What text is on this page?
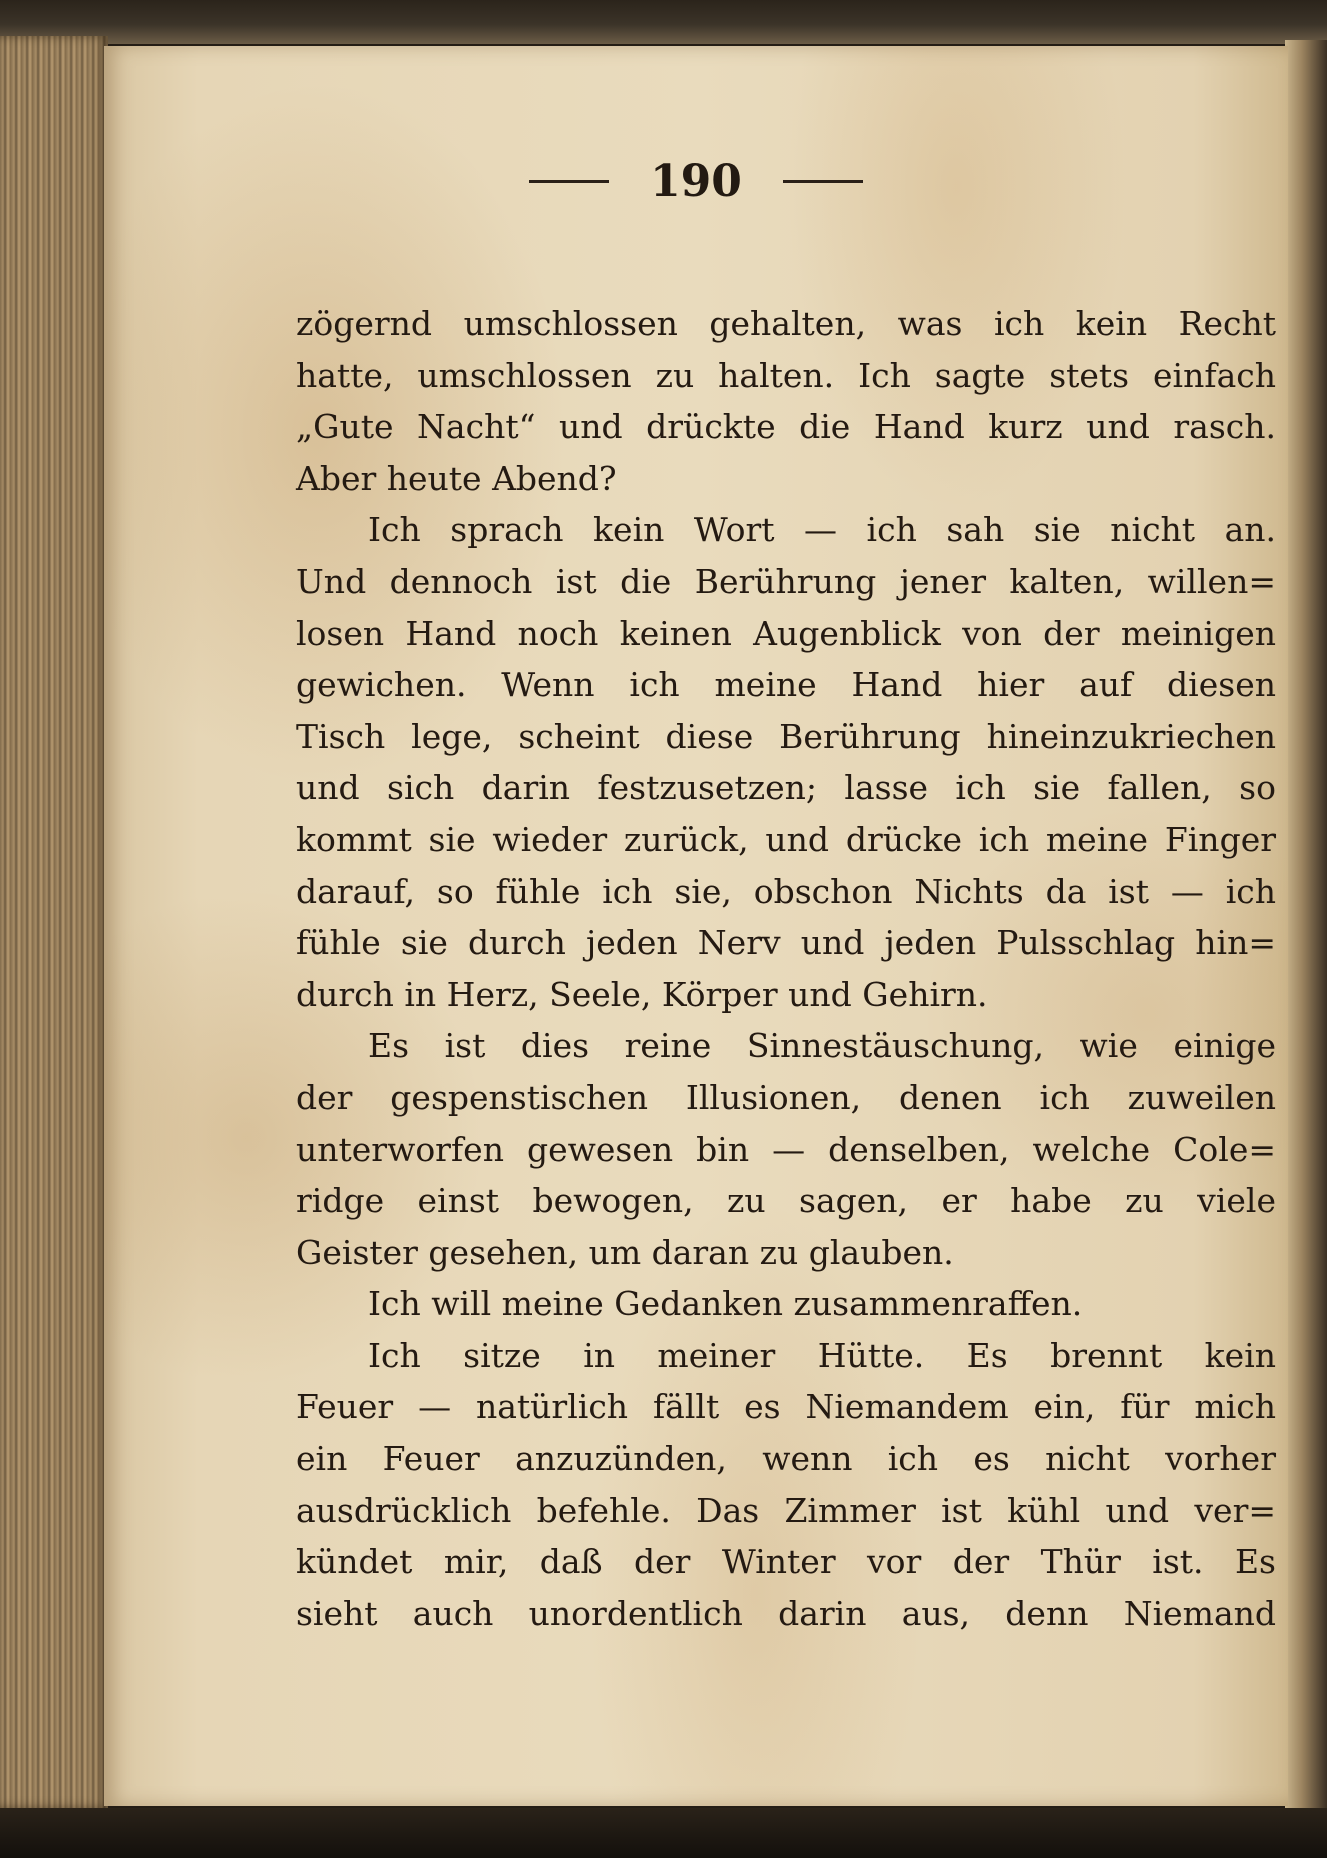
190
zögernd umschlossen gehalten, was ich kein Recht
hatte, umschlossen zu halten. Ich sagte stets einfach
„Gute Nacht“ und drückte die Hand kurz und rasch.
Aber heute Abend?
Ich sprach kein Wort — ich sah sie nicht an.
Und dennoch ist die Berührung jener kalten, willen=
losen Hand noch keinen Augenblick von der meinigen
gewichen. Wenn ich meine Hand hier auf diesen
Tisch lege, scheint diese Berührung hineinzukriechen
und sich darin festzusetzen; lasse ich sie fallen, so
kommt sie wieder zurück, und drücke ich meine Finger
darauf, so fühle ich sie, obschon Nichts da ist — ich
fühle sie durch jeden Nerv und jeden Pulsschlag hin=
durch in Herz, Seele, Körper und Gehirn.
Es ist dies reine Sinnestäuschung, wie einige
der gespenstischen Illusionen, denen ich zuweilen
unterworfen gewesen bin — denselben, welche Cole=
ridge einst bewogen, zu sagen, er habe zu viele
Geister gesehen, um daran zu glauben.
Ich will meine Gedanken zusammenraffen.
Ich sitze in meiner Hütte. Es brennt kein
Feuer — natürlich fällt es Niemandem ein, für mich
ein Feuer anzuzünden, wenn ich es nicht vorher
ausdrücklich befehle. Das Zimmer ist kühl und ver=
kündet mir, daß der Winter vor der Thür ist. Es
sieht auch unordentlich darin aus, denn Niemand
